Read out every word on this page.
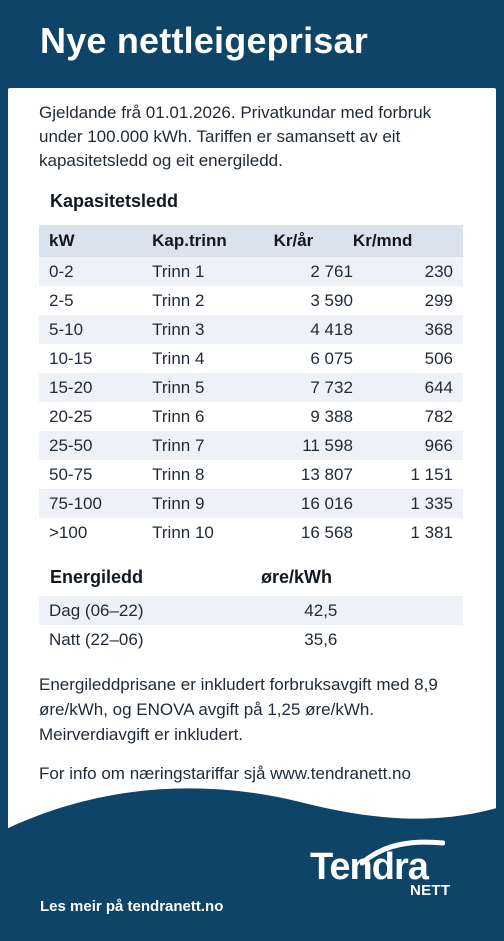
Nye nettleigeprisar
Gjeldande frå 01.01.2026. Privatkundar med forbruk under 100.000 kWh. Tariffen er samansett av eit kapasitetsledd og eit energiledd.
Kapasitetsledd
kW	Kap.trinn	Kr/år	Kr/mnd
0-2	Trinn 1	2 761	230
2-5	Trinn 2	3 590	299
5-10	Trinn 3	4 418	368
10-15	Trinn 4	6 075	506
15-20	Trinn 5	7 732	644
20-25	Trinn 6	9 388	782
25-50	Trinn 7	11 598	966
50-75	Trinn 8	13 807	1 151
75-100	Trinn 9	16 016	1 335
>100	Trinn 10	16 568	1 381
Energiledd	øre/kWh
Dag (06–22)	42,5	
Natt (22–06)	35,6	
Energileddprisane er inkludert forbruksavgift med 8,9 øre/kWh, og ENOVA avgift på 1,25 øre/kWh.
Meirverdiavgift er inkludert.
For info om næringstariffar sjå www.tendranett.no
Les meir på tendranett.no
Tendra
NETT
